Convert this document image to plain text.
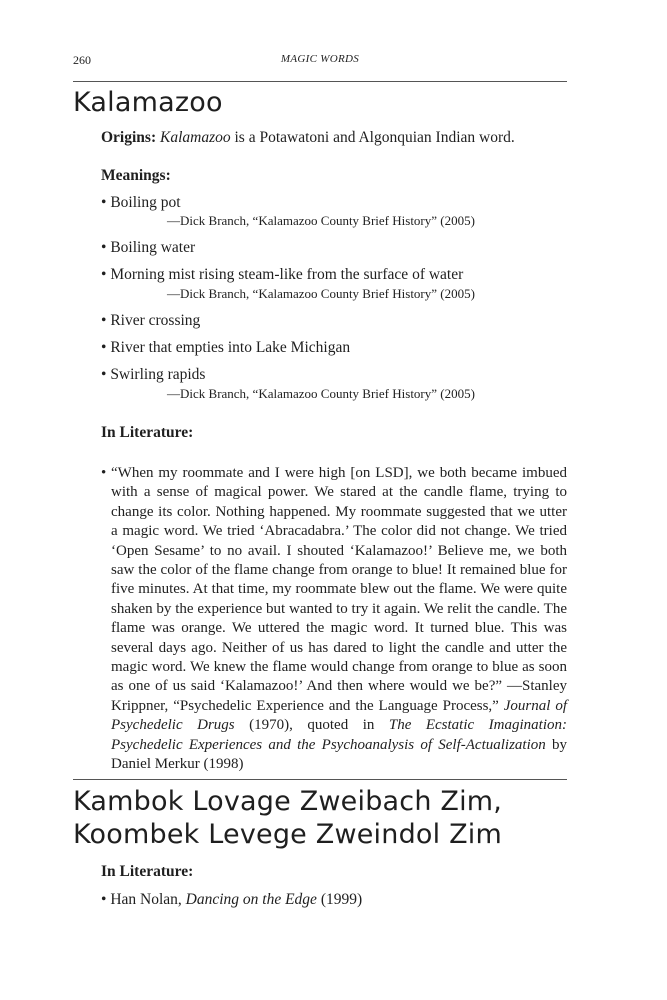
260	MAGIC WORDS
Kalamazoo
Origins: Kalamazoo is a Potawatoni and Algonquian Indian word.
Meanings:
• Boiling pot
—Dick Branch, “Kalamazoo County Brief History” (2005)
• Boiling water
• Morning mist rising steam-like from the surface of water
—Dick Branch, “Kalamazoo County Brief History” (2005)
• River crossing
• River that empties into Lake Michigan
• Swirling rapids
—Dick Branch, “Kalamazoo County Brief History” (2005)
In Literature:
• “When my roommate and I were high [on LSD], we both became imbued with a sense of magical power. We stared at the candle flame, trying to change its color. Nothing happened. My roommate suggested that we utter a magic word. We tried ‘Abracadabra.’ The color did not change. We tried ‘Open Sesame’ to no avail. I shouted ‘Kalamazoo!’ Believe me, we both saw the color of the flame change from orange to blue! It remained blue for five minutes. At that time, my roommate blew out the flame. We were quite shaken by the experience but wanted to try it again. We relit the candle. The flame was orange. We uttered the magic word. It turned blue. This was several days ago. Neither of us has dared to light the candle and utter the magic word. We knew the flame would change from orange to blue as soon as one of us said ‘Kalamazoo!’ And then where would we be?” —Stanley Krippner, “Psychedelic Experience and the Language Process,” Journal of Psychedelic Drugs (1970), quoted in The Ecstatic Imagination: Psychedelic Experiences and the Psychoanalysis of Self-Actualization by Daniel Merkur (1998)
Kambok Lovage Zweibach Zim,
Koombek Levege Zweindol Zim
In Literature:
• Han Nolan, Dancing on the Edge (1999)
